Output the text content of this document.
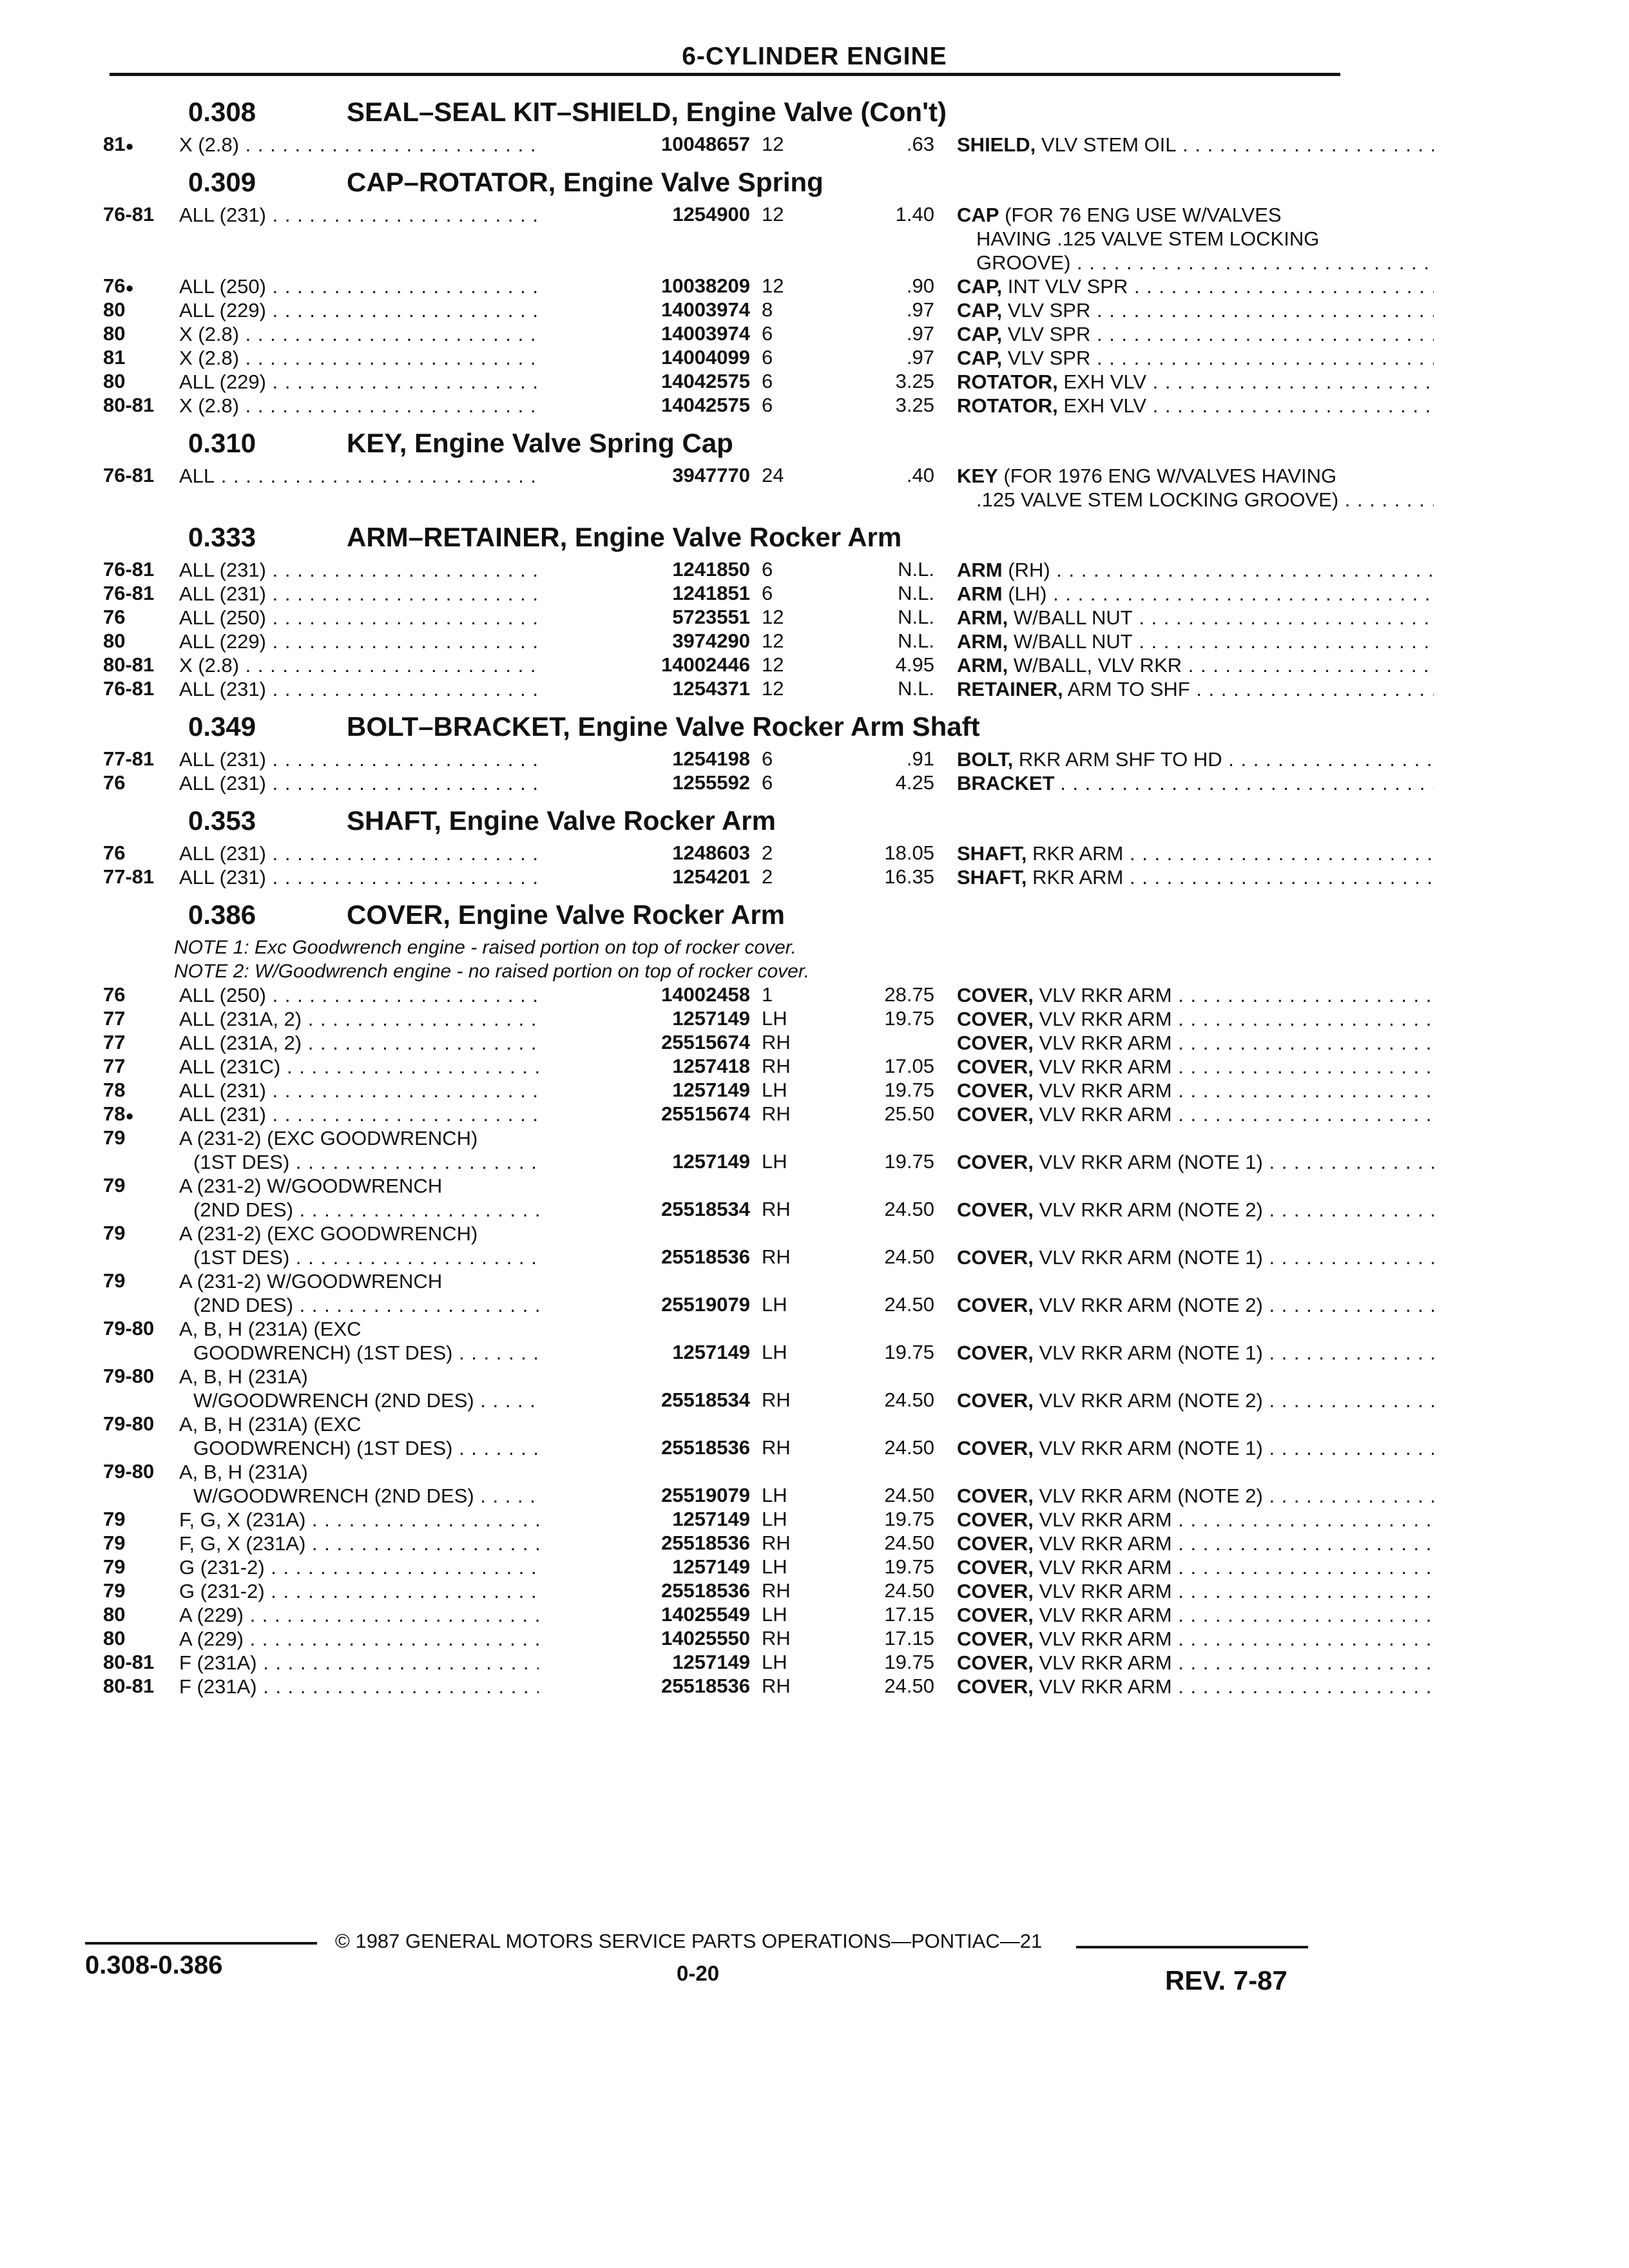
6-CYLINDER ENGINE
0.308	SEAL–SEAL KIT–SHIELD, Engine Valve (Con't)
81●	X (2.8) . . .	10048657 12	.63 SHIELD, VLV STEM OIL . . .
0.309	CAP–ROTATOR, Engine Valve Spring
76-81	ALL (231) . . .	1254900 12	1.40 CAP (FOR 76 ENG USE W/VALVES
HAVING .125 VALVE STEM LOCKING
GROOVE) . . .
76●	ALL (250) . . .	10038209 12	.90 CAP, INT VLV SPR . . .
80	ALL (229) . . .	14003974 8	.97 CAP, VLV SPR . . .
80	X (2.8) . . .	14003974 6	.97 CAP, VLV SPR . . .
81	X (2.8) . . .	14004099 6	.97 CAP, VLV SPR . . .
80	ALL (229) . . .	14042575 6	3.25 ROTATOR, EXH VLV . . .
80-81	X (2.8) . . .	14042575 6	3.25 ROTATOR, EXH VLV . . .
0.310	KEY, Engine Valve Spring Cap
76-81	ALL . . .	3947770 24	.40 KEY (FOR 1976 ENG W/VALVES HAVING
.125 VALVE STEM LOCKING GROOVE) . . .
0.333	ARM–RETAINER, Engine Valve Rocker Arm
76-81	ALL (231) . . .	1241850 6	N.L. ARM (RH) . . .
76-81	ALL (231) . . .	1241851 6	N.L. ARM (LH) . . .
76	ALL (250) . . .	5723551 12	N.L. ARM, W/BALL NUT . . .
80	ALL (229) . . .	3974290 12	N.L. ARM, W/BALL NUT . . .
80-81	X (2.8) . . .	14002446 12	4.95 ARM, W/BALL, VLV RKR . . .
76-81	ALL (231) . . .	1254371 12	N.L. RETAINER, ARM TO SHF . . .
0.349	BOLT–BRACKET, Engine Valve Rocker Arm Shaft
77-81	ALL (231) . . .	1254198 6	.91 BOLT, RKR ARM SHF TO HD . . .
76	ALL (231) . . .	1255592 6	4.25 BRACKET . . .
0.353	SHAFT, Engine Valve Rocker Arm
76	ALL (231) . . .	1248603 2	18.05 SHAFT, RKR ARM . . .
77-81	ALL (231) . . .	1254201 2	16.35 SHAFT, RKR ARM . . .
0.386	COVER, Engine Valve Rocker Arm
NOTE 1: Exc Goodwrench engine - raised portion on top of rocker cover.
NOTE 2: W/Goodwrench engine - no raised portion on top of rocker cover.
76	ALL (250) . . .	14002458 1	28.75 COVER, VLV RKR ARM . . .
77	ALL (231A, 2) . . .	1257149 LH	19.75 COVER, VLV RKR ARM . . .
77	ALL (231A, 2) . . .	25515674 RH	COVER, VLV RKR ARM . . .
77	ALL (231C) . . .	1257418 RH	17.05 COVER, VLV RKR ARM . . .
78	ALL (231) . . .	1257149 LH	19.75 COVER, VLV RKR ARM . . .
78●	ALL (231) . . .	25515674 RH	25.50 COVER, VLV RKR ARM . . .
79	A (231-2) (EXC GOODWRENCH)
(1ST DES) . . .	1257149 LH	19.75 COVER, VLV RKR ARM (NOTE 1) . . .
79	A (231-2) W/GOODWRENCH
(2ND DES) . . .	25518534 RH	24.50 COVER, VLV RKR ARM (NOTE 2) . . .
79	A (231-2) (EXC GOODWRENCH)
(1ST DES) . . .	25518536 RH	24.50 COVER, VLV RKR ARM (NOTE 1) . . .
79	A (231-2) W/GOODWRENCH
(2ND DES) . . .	25519079 LH	24.50 COVER, VLV RKR ARM (NOTE 2) . . .
79-80	A, B, H (231A) (EXC
GOODWRENCH) (1ST DES) . . .	1257149 LH	19.75 COVER, VLV RKR ARM (NOTE 1) . . .
79-80	A, B, H (231A)
W/GOODWRENCH (2ND DES) . . .	25518534 RH	24.50 COVER, VLV RKR ARM (NOTE 2) . . .
79-80	A, B, H (231A) (EXC
GOODWRENCH) (1ST DES) . . .	25518536 RH	24.50 COVER, VLV RKR ARM (NOTE 1) . . .
79-80	A, B, H (231A)
W/GOODWRENCH (2ND DES) . . .	25519079 LH	24.50 COVER, VLV RKR ARM (NOTE 2) . . .
79	F, G, X (231A) . . .	1257149 LH	19.75 COVER, VLV RKR ARM . . .
79	F, G, X (231A) . . .	25518536 RH	24.50 COVER, VLV RKR ARM . . .
79	G (231-2) . . .	1257149 LH	19.75 COVER, VLV RKR ARM . . .
79	G (231-2) . . .	25518536 RH	24.50 COVER, VLV RKR ARM . . .
80	A (229) . . .	14025549 LH	17.15 COVER, VLV RKR ARM . . .
80	A (229) . . .	14025550 RH	17.15 COVER, VLV RKR ARM . . .
80-81	F (231A) . . .	1257149 LH	19.75 COVER, VLV RKR ARM . . .
80-81	F (231A) . . .	25518536 RH	24.50 COVER, VLV RKR ARM . . .
© 1987 GENERAL MOTORS SERVICE PARTS OPERATIONS—PONTIAC—21
0.308-0.386	0-20	REV. 7-87
